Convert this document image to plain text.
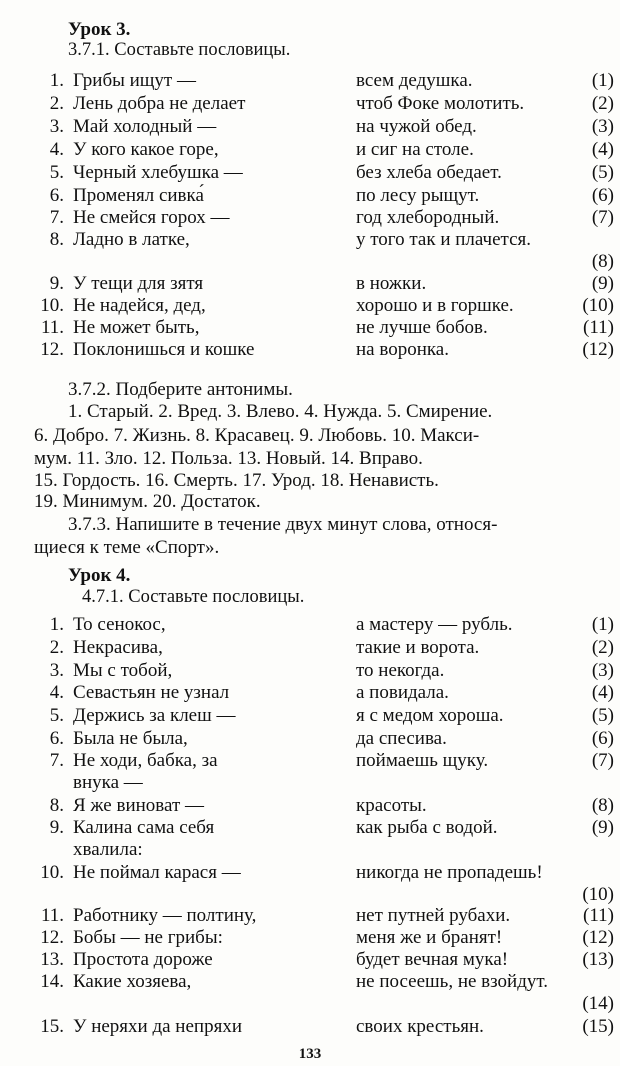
Урок 3.
3.7.1. Составьте пословицы.
1. Грибы ищут —	всем дедушка.	(1)
2. Лень добра не делает	чтоб Фоке молотить.	(2)
3. Май холодный —	на чужой обед.	(3)
4. У кого какое горе,	и сиг на столе.	(4)
5. Черный хлебушка —	без хлеба обедает.	(5)
6. Променял сивка́	по лесу рыщут.	(6)
7. Не смейся горох —	год хлебородный.	(7)
8. Ладно в латке,	у того так и плачется.
(8)
9. У тещи для зятя	в ножки.	(9)
10. Не надейся, дед,	хорошо и в горшке.	(10)
11. Не может быть,	не лучше бобов.	(11)
12. Поклонишься и кошке	на воронка.	(12)
3.7.2. Подберите антонимы.
1. Старый. 2. Вред. 3. Влево. 4. Нужда. 5. Смирение.
6. Добро. 7. Жизнь. 8. Красавец. 9. Любовь. 10. Макси-
мум. 11. Зло. 12. Польза. 13. Новый. 14. Вправо.
15. Гордость. 16. Смерть. 17. Урод. 18. Ненависть.
19. Минимум. 20. Достаток.
3.7.3. Напишите в течение двух минут слова, относя-
щиеся к теме «Спорт».
Урок 4.
4.7.1. Составьте пословицы.
1. То сенокос,	а мастеру — рубль.	(1)
2. Некрасива,	такие и ворота.	(2)
3. Мы с тобой,	то некогда.	(3)
4. Севастьян не узнал	а повидала.	(4)
5. Держись за клеш —	я с медом хороша.	(5)
6. Была не была,	да спесива.	(6)
7. Не ходи, бабка, за
внука —
поймаешь щуку.	(7)
8. Я же виноват —	красоты.	(8)
9. Калина сама себя
хвалила:
как рыба с водой.	(9)
10. Не поймал карася —	никогда не пропадешь!
(10)
11. Работнику — полтину,	нет путней рубахи.	(11)
12. Бобы — не грибы:	меня же и бранят!	(12)
13. Простота дороже	будет вечная мука!	(13)
14. Какие хозяева,	не посеешь, не взойдут.
(14)
15. У неряхи да непряхи	своих крестьян.	(15)
133
